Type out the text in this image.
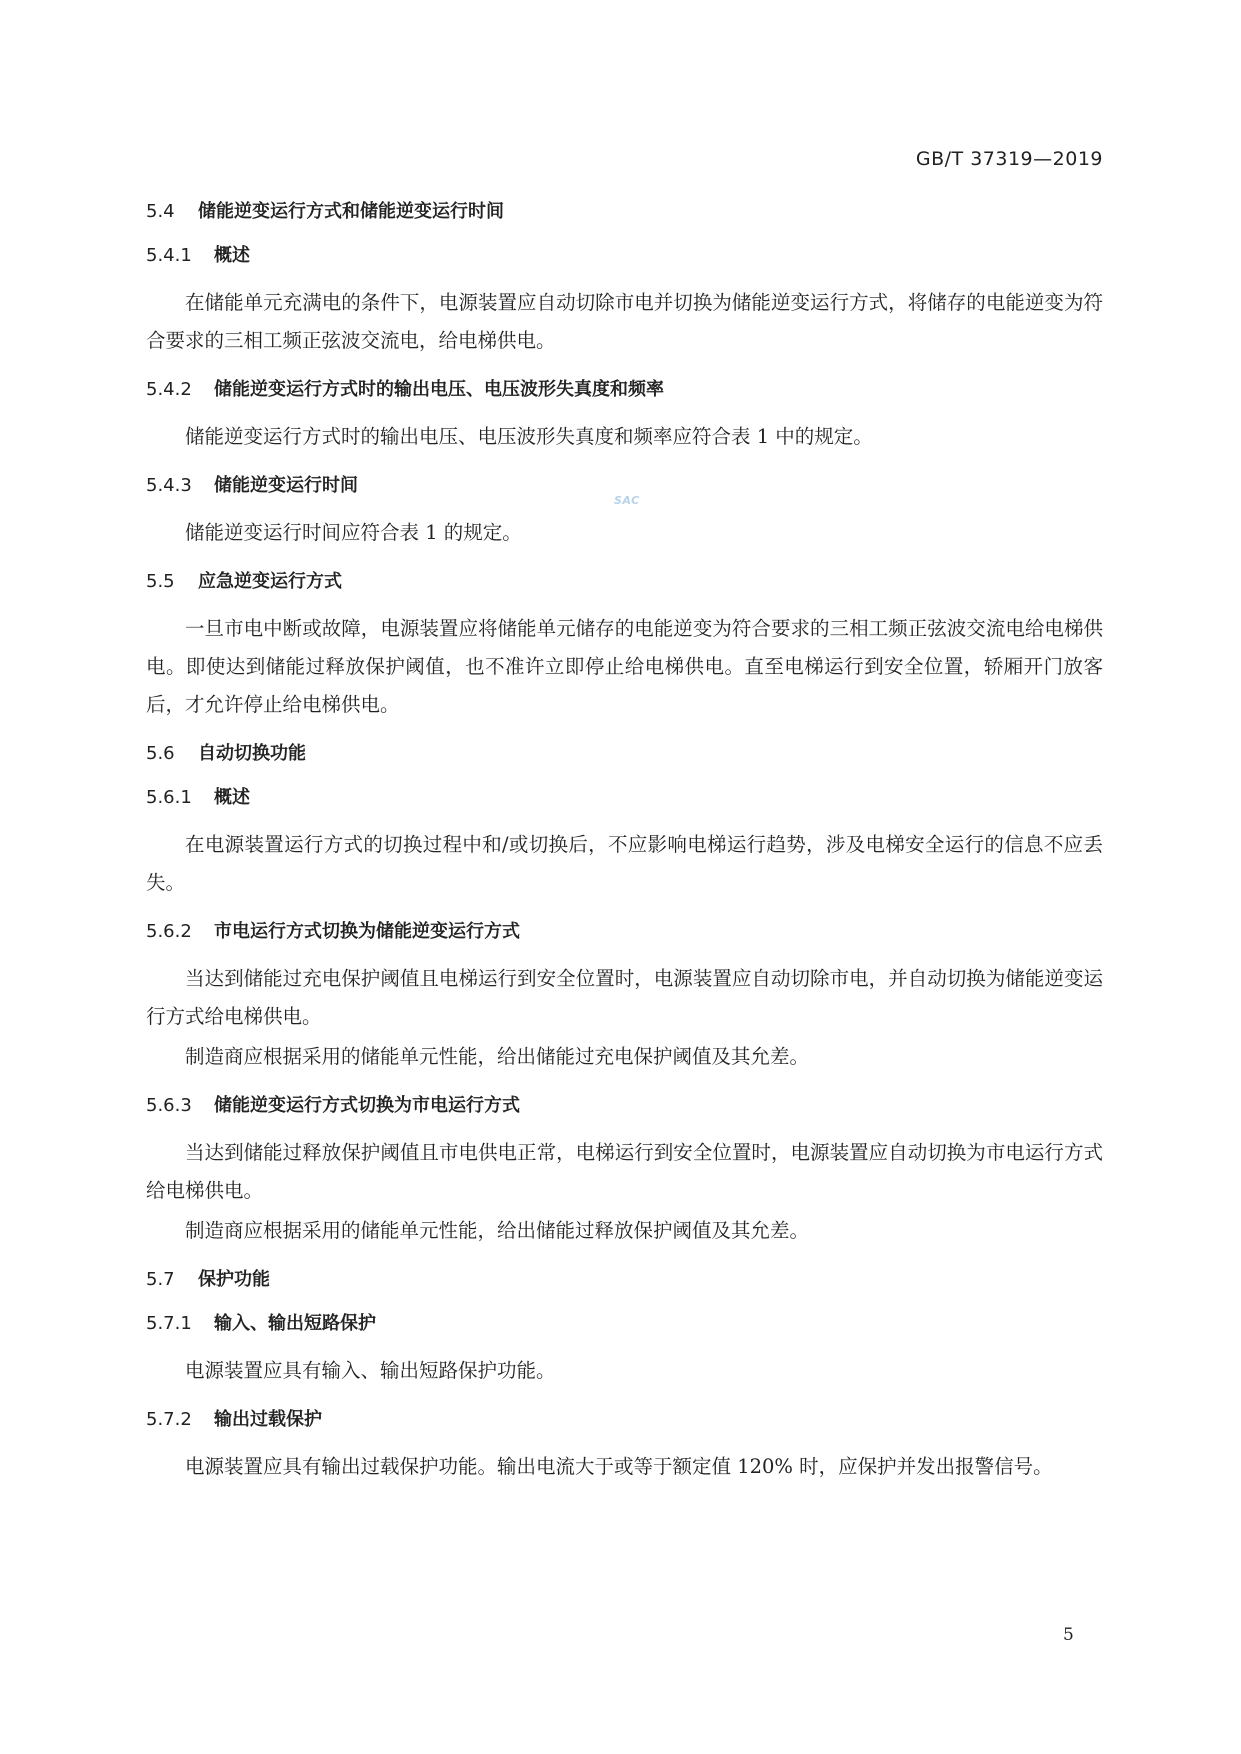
GB/T 37319—2019
5.4 储能逆变运行方式和储能逆变运行时间
5.4.1 概述

在储能单元充满电的条件下，电源装置应自动切除市电并切换为储能逆变运行方式，将储存的电能逆变为符合要求的三相工频正弦波交流电，给电梯供电。

5.4.2 储能逆变运行方式时的输出电压、电压波形失真度和频率

储能逆变运行方式时的输出电压、电压波形失真度和频率应符合表 1 中的规定。

5.4.3 储能逆变运行时间

储能逆变运行时间应符合表 1 的规定。

5.5 应急逆变运行方式

一旦市电中断或故障，电源装置应将储能单元储存的电能逆变为符合要求的三相工频正弦波交流电给电梯供电。即使达到储能过释放保护阈值，也不准许立即停止给电梯供电。直至电梯运行到安全位置，轿厢开门放客后，才允许停止给电梯供电。

5.6 自动切换功能
5.6.1 概述

在电源装置运行方式的切换过程中和/或切换后，不应影响电梯运行趋势，涉及电梯安全运行的信息不应丢失。

5.6.2 市电运行方式切换为储能逆变运行方式

当达到储能过充电保护阈值且电梯运行到安全位置时，电源装置应自动切除市电，并自动切换为储能逆变运行方式给电梯供电。

制造商应根据采用的储能单元性能，给出储能过充电保护阈值及其允差。

5.6.3 储能逆变运行方式切换为市电运行方式

当达到储能过释放保护阈值且市电供电正常，电梯运行到安全位置时，电源装置应自动切换为市电运行方式给电梯供电。

制造商应根据采用的储能单元性能，给出储能过释放保护阈值及其允差。

5.7 保护功能
5.7.1 输入、输出短路保护

电源装置应具有输入、输出短路保护功能。

5.7.2 输出过载保护

电源装置应具有输出过载保护功能。输出电流大于或等于额定值 120% 时，应保护并发出报警信号。

SAC
5
